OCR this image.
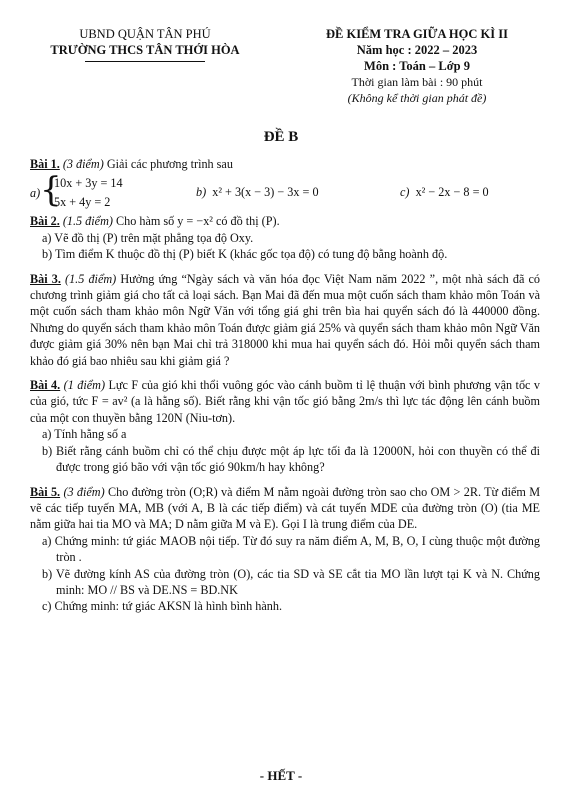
UBND QUẬN TÂN PHÚ
TRƯỜNG THCS TÂN THỚI HÒA
ĐỀ KIỂM TRA GIỮA HỌC KÌ II
Năm học : 2022 – 2023
Môn : Toán – Lớp 9
Thời gian làm bài : 90 phút
(Không kể thời gian phát đề)
ĐỀ B

Bài 1. (3 điểm) Giải các phương trình sau

a) {
10x + 3y = 14
5x + 4y = 2
b) x² + 3(x − 3) − 3x = 0	c) x² − 2x − 8 = 0

Bài 2. (1.5 điểm) Cho hàm số y = −x² có đồ thị (P).

a) Vẽ đồ thị (P) trên mặt phẳng tọa độ Oxy.

b) Tìm điểm K thuộc đồ thị (P) biết K (khác gốc tọa độ) có tung độ bằng hoành độ.

Bài 3. (1.5 điểm) Hưởng ứng “Ngày sách và văn hóa đọc Việt Nam năm 2022 ”, một nhà sách đã có chương trình giảm giá cho tất cả loại sách. Bạn Mai đã đến mua một cuốn sách tham khảo môn Toán và một cuốn sách tham khảo môn Ngữ Văn với tổng giá ghi trên bìa hai quyển sách đó là 440000 đồng. Nhưng do quyển sách tham khảo môn Toán được giảm giá 25% và quyển sách tham khảo môn Ngữ Văn được giảm giá 30% nên bạn Mai chỉ trả 318000 khi mua hai quyển sách đó. Hỏi mỗi quyển sách tham khảo đó giá bao nhiêu sau khi giảm giá ?

Bài 4. (1 điểm) Lực F của gió khi thổi vuông góc vào cánh buồm tỉ lệ thuận với bình phương vận tốc v của gió, tức F = av² (a là hằng số). Biết rằng khi vận tốc gió bằng 2m/s thì lực tác động lên cánh buồm của một con thuyền bằng 120N (Niu-tơn).

a) Tính hằng số a

b) Biết rằng cánh buồm chỉ có thể chịu được một áp lực tối đa là 12000N, hỏi con thuyền có thể đi được trong gió bão với vận tốc gió 90km/h hay không?

Bài 5. (3 điểm) Cho đường tròn (O;R) và điểm M nằm ngoài đường tròn sao cho OM > 2R. Từ điểm M vẽ các tiếp tuyến MA, MB (với A, B là các tiếp điểm) và cát tuyến MDE của đường tròn (O) (tia ME nằm giữa hai tia MO và MA; D nằm giữa M và E). Gọi I là trung điểm của DE.

a) Chứng minh: tứ giác MAOB nội tiếp. Từ đó suy ra năm điểm A, M, B, O, I cùng thuộc một đường tròn .

b) Vẽ đường kính AS của đường tròn (O), các tia SD và SE cắt tia MO lần lượt tại K và N. Chứng minh: MO // BS và DE.NS = BD.NK

c) Chứng minh: tứ giác AKSN là hình bình hành.

- HẾT -
